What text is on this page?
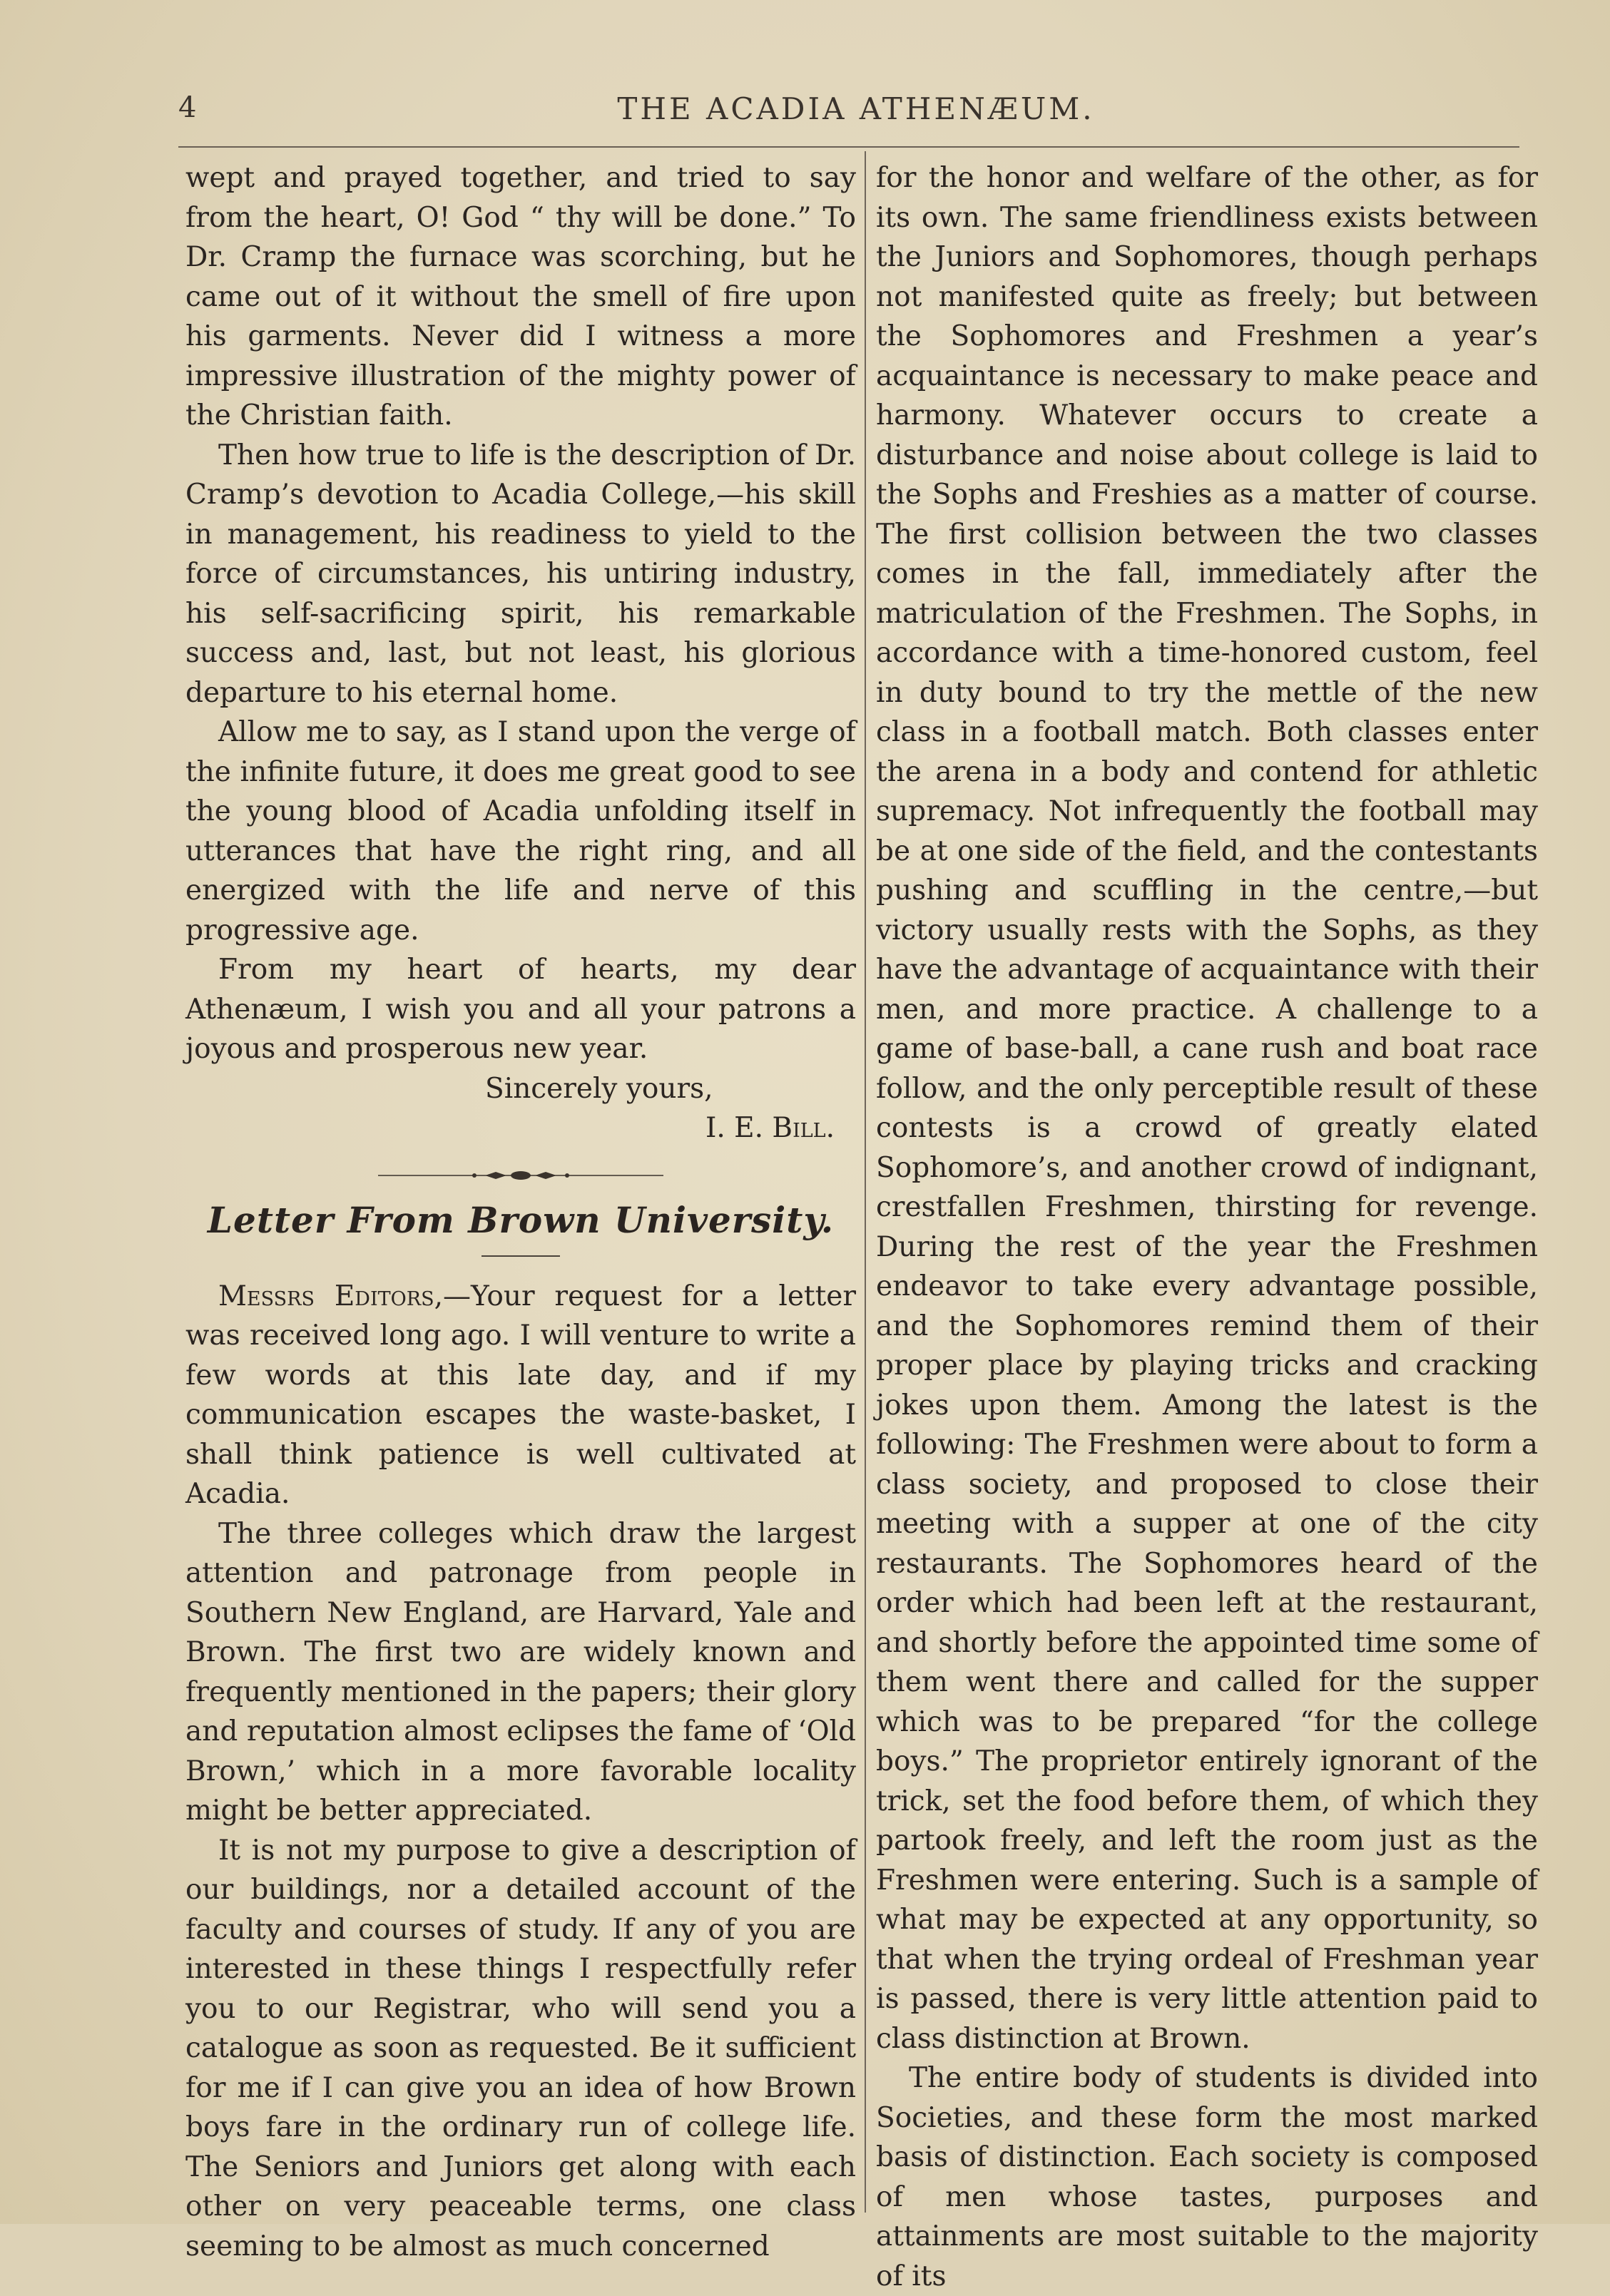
4	THE ACADIA ATHENÆUM.

wept and prayed together, and tried to say from the heart, O! God “ thy will be done.” To Dr. Cramp the furnace was scorching, but he came out of it without the smell of fire upon his garments. Never did I witness a more impressive illustration of the mighty power of the Christian faith.

Then how true to life is the description of Dr. Cramp’s devotion to Acadia College,—his skill in management, his readiness to yield to the force of circumstances, his untiring industry, his self-sacrificing spirit, his remarkable success and, last, but not least, his glorious departure to his eternal home.

Allow me to say, as I stand upon the verge of the infinite future, it does me great good to see the young blood of Acadia unfolding itself in utterances that have the right ring, and all energized with the life and nerve of this progressive age.

From my heart of hearts, my dear Athenæum, I wish you and all your patrons a joyous and prosperous new year.

Sincerely yours,

I. E. Bill.

Letter From Brown University.

Messrs Editors,—Your request for a letter was received long ago. I will venture to write a few words at this late day, and if my communication escapes the waste-basket, I shall think patience is well cultivated at Acadia.

The three colleges which draw the largest attention and patronage from people in Southern New England, are Harvard, Yale and Brown. The first two are widely known and frequently mentioned in the papers; their glory and reputation almost eclipses the fame of ‘Old Brown,’ which in a more favorable locality might be better appreciated.

It is not my purpose to give a description of our buildings, nor a detailed account of the faculty and courses of study. If any of you are interested in these things I respectfully refer you to our Registrar, who will send you a catalogue as soon as requested. Be it sufficient for me if I can give you an idea of how Brown boys fare in the ordinary run of college life. The Seniors and Juniors get along with each other on very peaceable terms, one class seeming to be almost as much concerned

for the honor and welfare of the other, as for its own. The same friendliness exists between the Juniors and Sophomores, though perhaps not manifested quite as freely; but between the Sophomores and Freshmen a year’s acquaintance is necessary to make peace and harmony. Whatever occurs to create a disturbance and noise about college is laid to the Sophs and Freshies as a matter of course. The first collision between the two classes comes in the fall, immediately after the matriculation of the Freshmen. The Sophs, in accordance with a time-honored custom, feel in duty bound to try the mettle of the new class in a football match. Both classes enter the arena in a body and contend for athletic supremacy. Not infrequently the football may be at one side of the field, and the contestants pushing and scuffling in the centre,—but victory usually rests with the Sophs, as they have the advantage of acquaintance with their men, and more practice. A challenge to a game of base-ball, a cane rush and boat race follow, and the only perceptible result of these contests is a crowd of greatly elated Sophomore’s, and another crowd of indignant, crestfallen Freshmen, thirsting for revenge. During the rest of the year the Freshmen endeavor to take every advantage possible, and the Sophomores remind them of their proper place by playing tricks and cracking jokes upon them. Among the latest is the following: The Freshmen were about to form a class society, and proposed to close their meeting with a supper at one of the city restaurants. The Sophomores heard of the order which had been left at the restaurant, and shortly before the appointed time some of them went there and called for the supper which was to be prepared “for the college boys.” The proprietor entirely ignorant of the trick, set the food before them, of which they partook freely, and left the room just as the Freshmen were entering. Such is a sample of what may be expected at any opportunity, so that when the trying ordeal of Freshman year is passed, there is very little attention paid to class distinction at Brown.

The entire body of students is divided into Societies, and these form the most marked basis of distinction. Each society is composed of men whose tastes, purposes and attainments are most suitable to the majority of its
